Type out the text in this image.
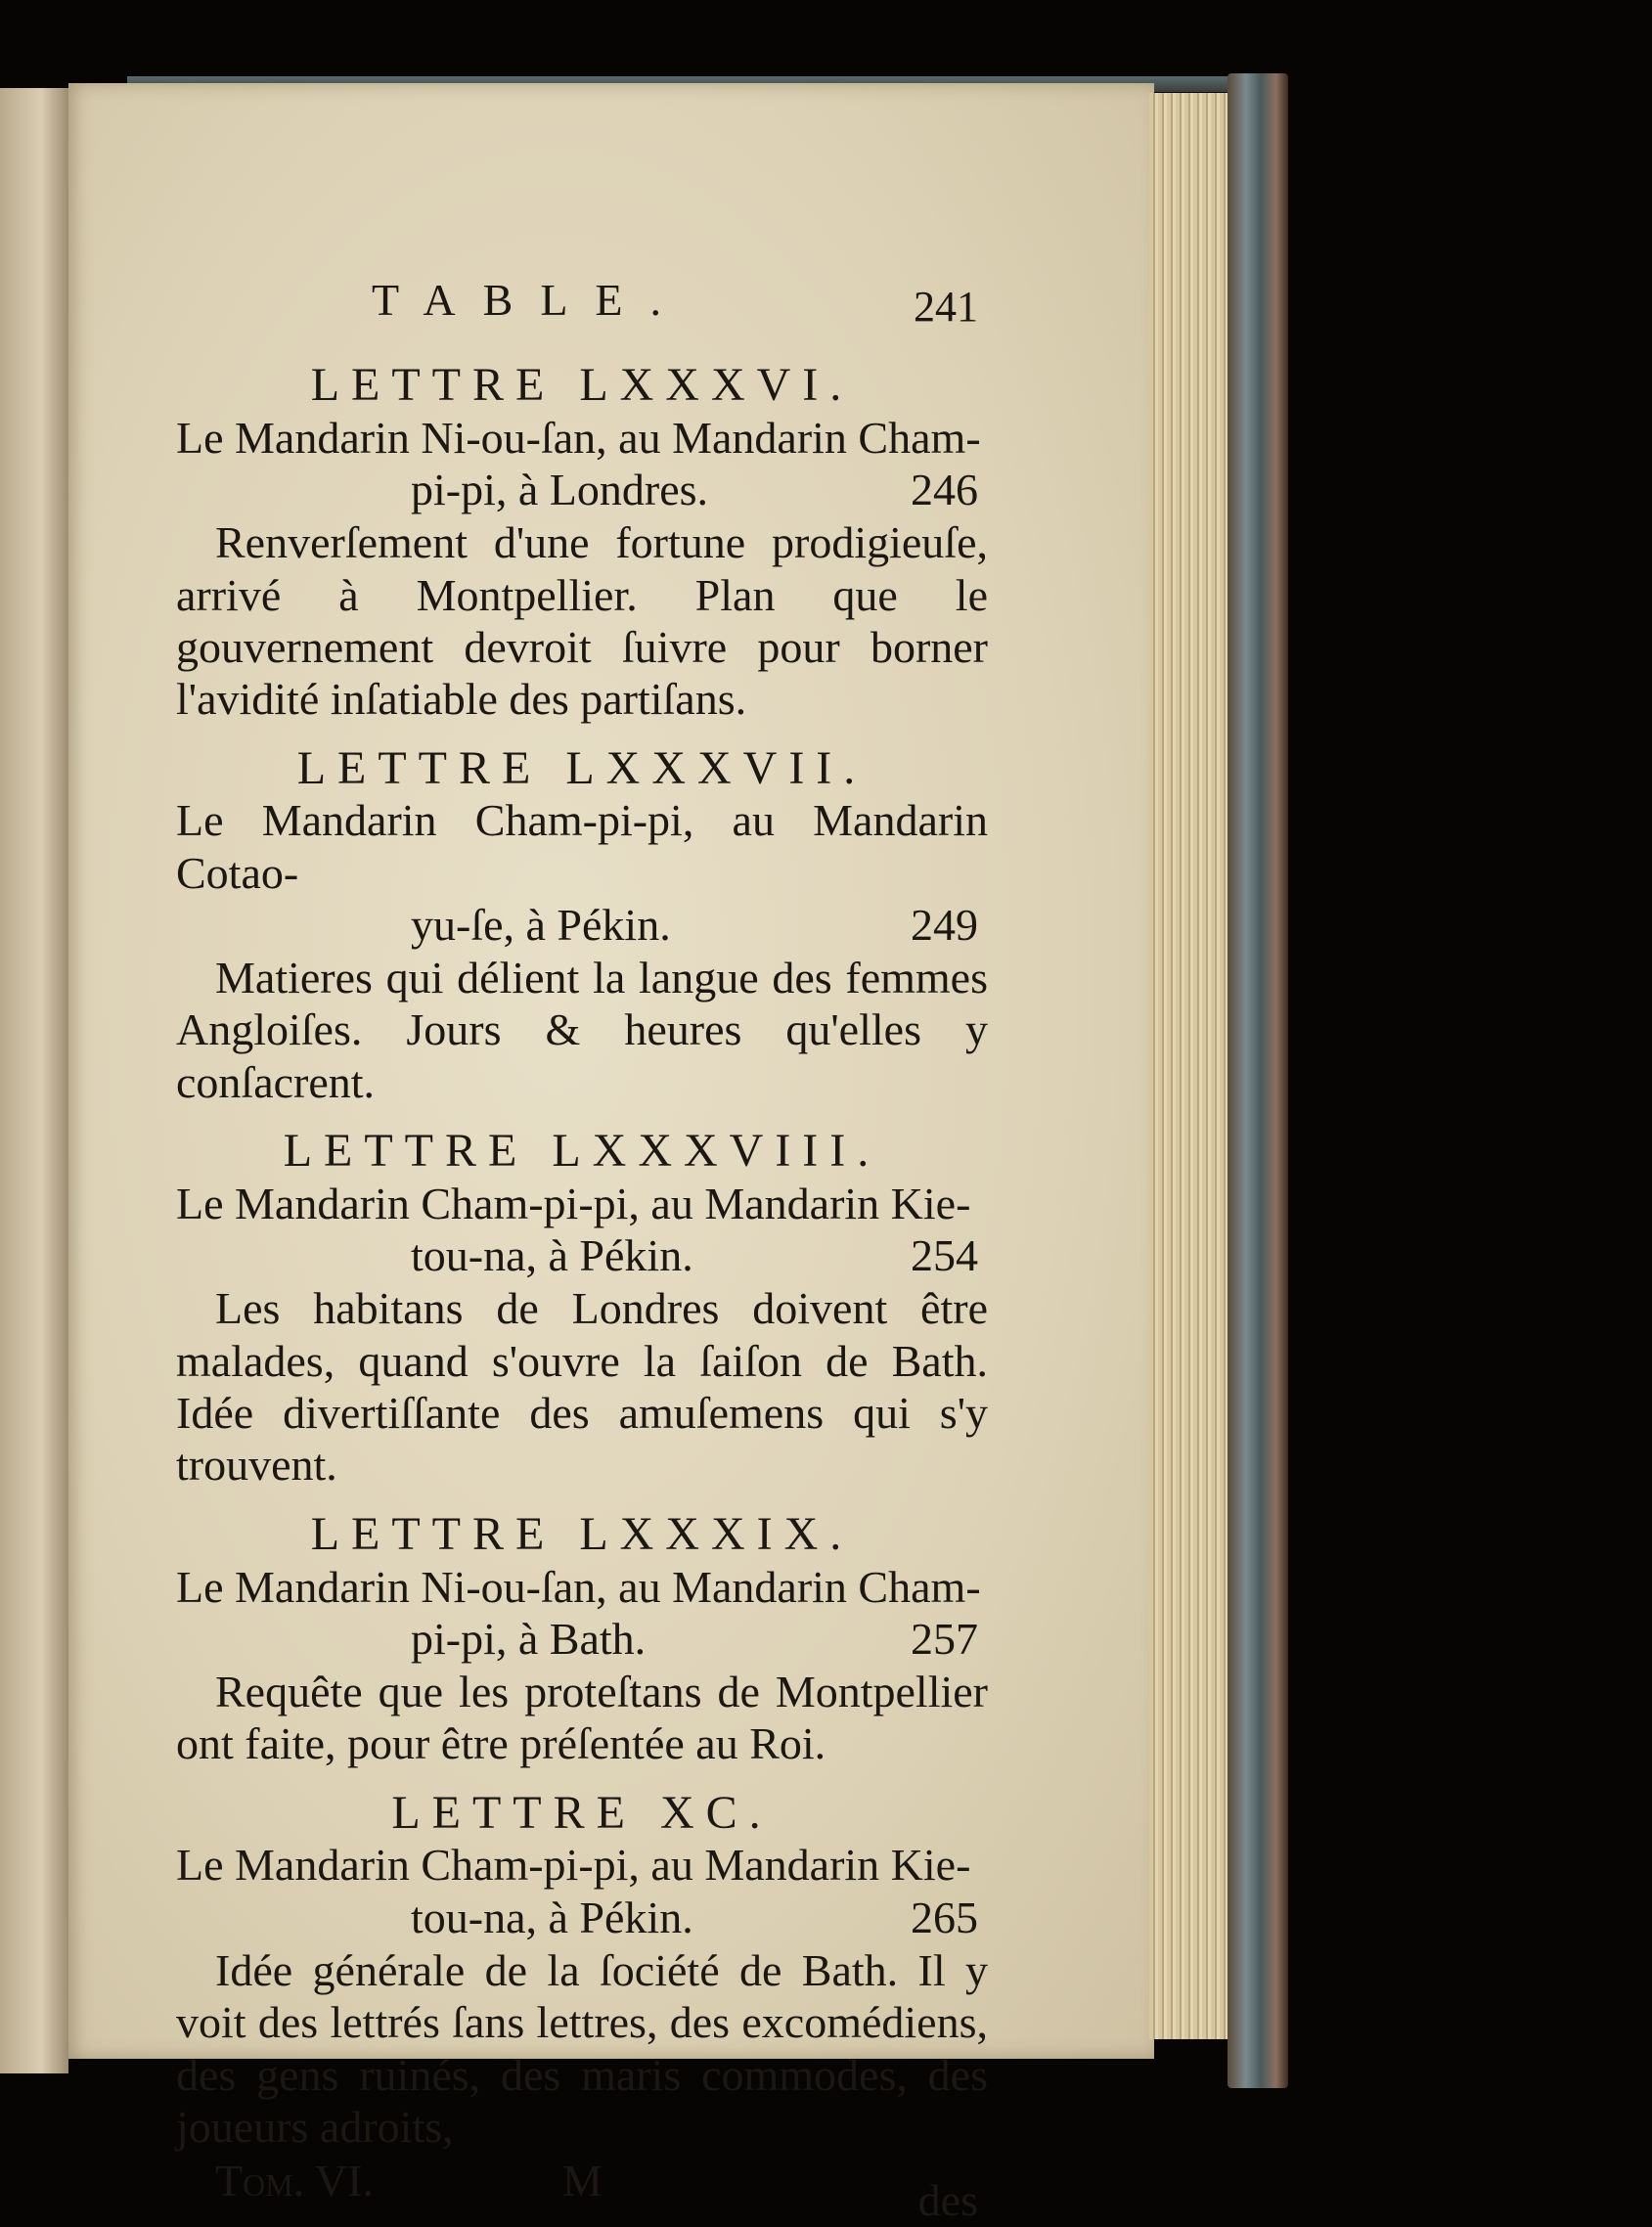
TABLE.	241
LETTRE LXXXVI.
Le Mandarin Ni-ou-ſan, au Mandarin Cham-
pi-pi, à Londres.	246
Renverſement d'une fortune prodigieuſe, arrivé à Montpellier. Plan que le gouvernement devroit ſuivre pour borner l'avidité inſatiable des partiſans.
LETTRE LXXXVII.
Le Mandarin Cham-pi-pi, au Mandarin Cotao-
yu-ſe, à Pékin.	249
Matieres qui délient la langue des femmes Angloiſes. Jours & heures qu'elles y conſacrent.
LETTRE LXXXVIII.
Le Mandarin Cham-pi-pi, au Mandarin Kie-
tou-na, à Pékin.	254
Les habitans de Londres doivent être malades, quand s'ouvre la ſaiſon de Bath. Idée divertiſſante des amuſemens qui s'y trouvent.
LETTRE LXXXIX.
Le Mandarin Ni-ou-ſan, au Mandarin Cham-
pi-pi, à Bath.	257
Requête que les proteſtans de Montpellier ont faite, pour être préſentée au Roi.
LETTRE XC.
Le Mandarin Cham-pi-pi, au Mandarin Kie-
tou-na, à Pékin.	265
Idée générale de la ſociété de Bath. Il y voit des lettrés ſans lettres, des excomédiens, des gens ruinés, des maris commodes, des joueurs adroits,
Tom. VI.	M	des
